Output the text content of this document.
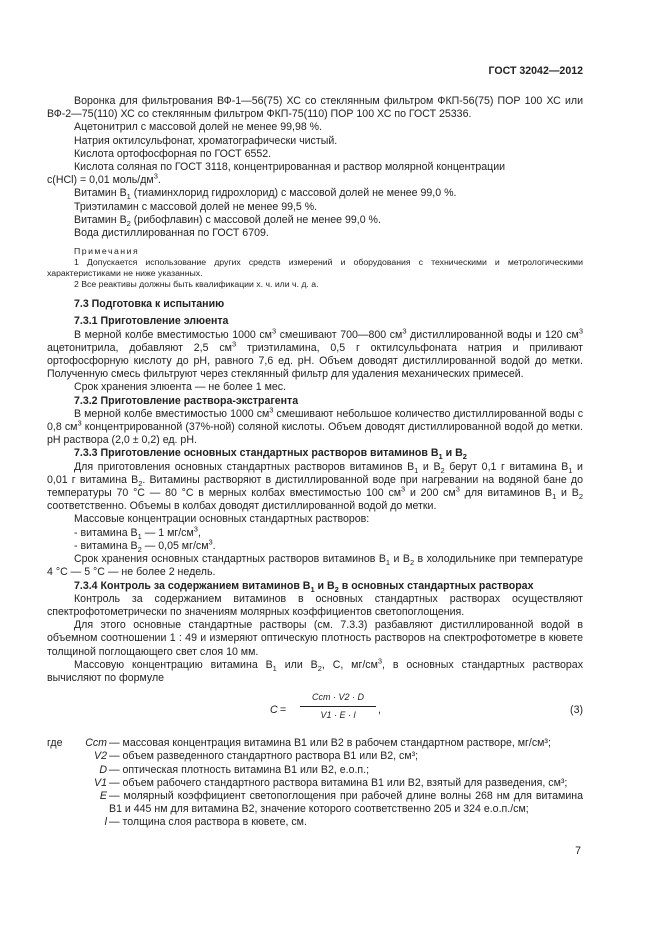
ГОСТ 32042—2012

Воронка для фильтрования ВФ-1—56(75) ХС со стеклянным фильтром ФКП-56(75) ПОР 100 ХС или ВФ-2—75(110) ХС со стеклянным фильтром ФКП-75(110) ПОР 100 ХС по ГОСТ 25336.

Ацетонитрил с массовой долей не менее 99,98 %.

Натрия октилсульфонат, хроматографически чистый.

Кислота ортофосфорная по ГОСТ 6552.

Кислота соляная по ГОСТ 3118, концентрированная и раствор молярной концентрации

c(HCl) = 0,01 моль/$дм^3$.

Витамин $B_1$ (тиаминхлорид гидрохлорид) с массовой долей не менее 99,0 %.

Триэтиламин с массовой долей не менее 99,5 %.

Витамин $B_2$ (рибофлавин) с массовой долей не менее 99,0 %.

Вода дистиллированная по ГОСТ 6709.

Примечания

1 Допускается использование других средств измерений и оборудования с техническими и метрологическими характеристиками не ниже указанных.

2 Все реактивы должны быть квалификации х. ч. или ч. д. а.

7.3 Подготовка к испытанию

7.3.1 Приготовление элюента

В мерной колбе вместимостью 1000 $см^3$ смешивают 700—800 $см^3$ дистиллированной воды и 120 $см^3$ ацетонитрила, добавляют 2,5 $см^3$ триэтиламина, 0,5 г октилсульфоната натрия и приливают ортофосфорную кислоту до pH, равного 7,6 ед. pH. Объем доводят дистиллированной водой до метки. Полученную смесь фильтруют через стеклянный фильтр для удаления механических примесей.

Срок хранения элюента — не более 1 мес.

7.3.2 Приготовление раствора-экстрагента

В мерной колбе вместимостью 1000 $см^3$ смешивают небольшое количество дистиллированной воды с 0,8 $см^3$ концентрированной (37%-ной) соляной кислоты. Объем доводят дистиллированной водой до метки. pH раствора (2,0 ± 0,2) ед. pH.

7.3.3 Приготовление основных стандартных растворов витаминов $B_1$ и $B_2$

Для приготовления основных стандартных растворов витаминов $B_1$ и $B_2$ берут 0,1 г витамина $B_1$ и 0,01 г витамина $B_2$. Витамины растворяют в дистиллированной воде при нагревании на водяной бане до температуры 70 °C — 80 °C в мерных колбах вместимостью 100 $см^3$ и 200 $см^3$ для витаминов $B_1$ и $B_2$ соответственно. Объемы в колбах доводят дистиллированной водой до метки.

Массовые концентрации основных стандартных растворов:

- витамина $B_1$ — 1 $мг/см^3$,

- витамина $B_2$ — 0,05 $мг/см^3$.

Срок хранения основных стандартных растворов витаминов $B_1$ и $B_2$ в холодильнике при температуре 4 °C — 5 °C — не более 2 недель.

7.3.4 Контроль за содержанием витаминов $B_1$ и $B_2$ в основных стандартных растворах

Контроль за содержанием витаминов в основных стандартных растворах осуществляют спектрофотометрически по значениям молярных коэффициентов светопоглощения.

Для этого основные стандартные растворы (см. 7.3.3) разбавляют дистиллированной водой в объемном соотношении 1 : 49 и измеряют оптическую плотность растворов на спектрофотометре в кювете толщиной поглощающего свет слоя 10 мм.

Массовую концентрацию витамина $B_1$ или $B_2$, C, $мг/см^3$, в основных стандартных растворах вычисляют по формуле

C =
Cст · V2 · D
V1 · E · l	,	(3)
где Cст — массовая концентрация витамина B1 или B2 в рабочем стандартном растворе, мг/см³;
V2 — объем разведенного стандартного раствора B1 или B2, см³;
D — оптическая плотность витамина B1 или B2, е.о.п.;
V1 — объем рабочего стандартного раствора витамина B1 или B2, взятый для разведения, см³;
E — молярный коэффициент светопоглощения при рабочей длине волны 268 нм для витамина B1 и 445 нм для витамина B2, значение которого соответственно 205 и 324 е.о.п./см;
l — толщина слоя раствора в кювете, см.
7
